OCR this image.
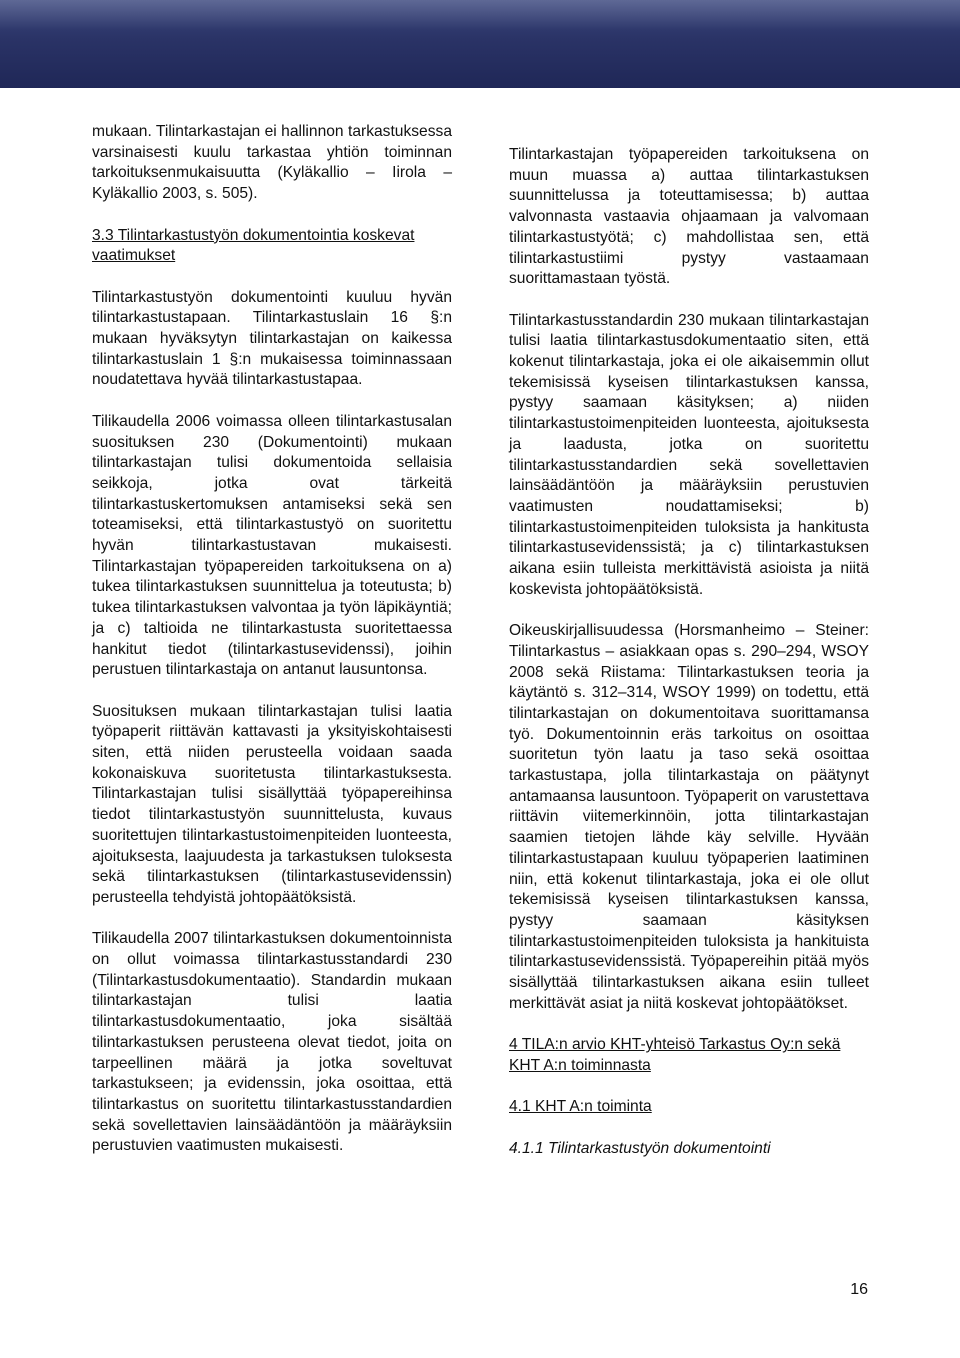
mukaan. Tilintarkastajan ei hallinnon tarkastuksessa varsinaisesti kuulu tarkastaa yhtiön toiminnan tarkoituksenmukaisuutta (Kyläkallio – Iirola – Kyläkallio 2003, s. 505).

3.3 Tilintarkastustyön dokumentointia koskevat vaatimukset

Tilintarkastustyön dokumentointi kuuluu hyvän tilintarkastustapaan. Tilintarkastuslain 16 §:n mukaan hyväksytyn tilintarkastajan on kaikessa tilintarkastuslain 1 §:n mukaisessa toiminnassaan noudatettava hyvää tilintarkastustapaa.

Tilikaudella 2006 voimassa olleen tilintarkastusalan suosituksen 230 (Dokumentointi) mukaan tilintarkastajan tulisi dokumentoida sellaisia seikkoja, jotka ovat tärkeitä tilintarkastuskertomuksen antamiseksi sekä sen toteamiseksi, että tilintarkastustyö on suoritettu hyvän tilintarkastustavan mukaisesti. Tilintarkastajan työpapereiden tarkoituksena on a) tukea tilintarkastuksen suunnittelua ja toteutusta; b) tukea tilintarkastuksen valvontaa ja työn läpikäyntiä; ja c) taltioida ne tilintarkastusta suoritettaessa hankitut tiedot (tilintarkastusevidenssi), joihin perustuen tilintarkastaja on antanut lausuntonsa.

Suosituksen mukaan tilintarkastajan tulisi laatia työpaperit riittävän kattavasti ja yksityiskohtaisesti siten, että niiden perusteella voidaan saada kokonaiskuva suoritetusta tilintarkastuksesta. Tilintarkastajan tulisi sisällyttää työpapereihinsa tiedot tilintarkastustyön suunnittelusta, kuvaus suoritettujen tilintarkastustoimenpiteiden luonteesta, ajoituksesta, laajuudesta ja tarkastuksen tuloksesta sekä tilintarkastuksen (tilintarkastusevidenssin) perusteella tehdyistä johtopäätöksistä.

Tilikaudella 2007 tilintarkastuksen dokumentoinnista on ollut voimassa tilintarkastusstandardi 230 (Tilintarkastusdokumentaatio). Standardin mukaan tilintarkastajan tulisi laatia tilintarkastusdokumentaatio, joka sisältää tilintarkastuksen perusteena olevat tiedot, joita on tarpeellinen määrä ja jotka soveltuvat tarkastukseen; ja evidenssin, joka osoittaa, että tilintarkastus on suoritettu tilintarkastusstandardien sekä sovellettavien lainsäädäntöön ja määräyksiin perustuvien vaatimusten mukaisesti.

Tilintarkastajan työpapereiden tarkoituksena on muun muassa a) auttaa tilintarkastuksen suunnittelussa ja toteuttamisessa; b) auttaa valvonnasta vastaavia ohjaamaan ja valvomaan tilintarkastustyötä; c) mahdollistaa sen, että tilintarkastustiimi pystyy vastaamaan suorittamastaan työstä.

Tilintarkastusstandardin 230 mukaan tilintarkastajan tulisi laatia tilintarkastusdokumentaatio siten, että kokenut tilintarkastaja, joka ei ole aikaisemmin ollut tekemisissä kyseisen tilintarkastuksen kanssa, pystyy saamaan käsityksen; a) niiden tilintarkastustoimenpiteiden luonteesta, ajoituksesta ja laadusta, jotka on suoritettu tilintarkastusstandardien sekä sovellettavien lainsäädäntöön ja määräyksiin perustuvien vaatimusten noudattamiseksi; b) tilintarkastustoimenpiteiden tuloksista ja hankitusta tilintarkastusevidenssistä; ja c) tilintarkastuksen aikana esiin tulleista merkittävistä asioista ja niitä koskevista johtopäätöksistä.

Oikeuskirjallisuudessa (Horsmanheimo – Steiner: Tilintarkastus – asiakkaan opas s. 290–294, WSOY 2008 sekä Riistama: Tilintarkastuksen teoria ja käytäntö s. 312–314, WSOY 1999) on todettu, että tilintarkastajan on dokumentoitava suorittamansa työ. Dokumentoinnin eräs tarkoitus on osoittaa suoritetun työn laatu ja taso sekä osoittaa tarkastustapa, jolla tilintarkastaja on päätynyt antamaansa lausuntoon. Työpaperit on varustettava riittävin viitemerkinnöin, jotta tilintarkastajan saamien tietojen lähde käy selville. Hyvään tilintarkastustapaan kuuluu työpaperien laatiminen niin, että kokenut tilintarkastaja, joka ei ole ollut tekemisissä kyseisen tilintarkastuksen kanssa, pystyy saamaan käsityksen tilintarkastustoimenpiteiden tuloksista ja hankituista tilintarkastusevidenssistä. Työpapereihin pitää myös sisällyttää tilintarkastuksen aikana esiin tulleet merkittävät asiat ja niitä koskevat johtopäätökset.

4 TILA:n arvio KHT-yhteisö Tarkastus Oy:n sekä KHT A:n toiminnasta
4.1 KHT A:n toiminta
4.1.1 Tilintarkastustyön dokumentointi
16
